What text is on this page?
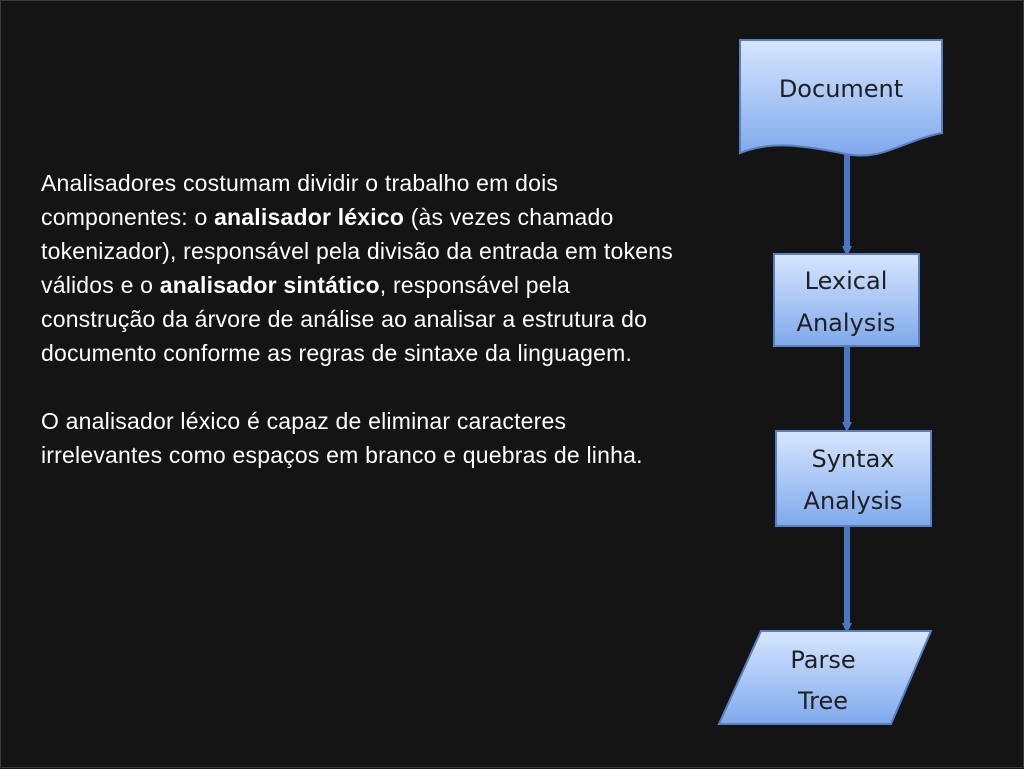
Analisadores costumam dividir o trabalho em dois componentes: o analisador léxico (às vezes chamado tokenizador), responsável pela divisão da entrada em tokens válidos e o analisador sintático, responsável pela construção da árvore de análise ao analisar a estrutura do documento conforme as regras de sintaxe da linguagem.

O analisador léxico é capaz de eliminar caracteres irrelevantes como espaços em branco e quebras de linha.

Document
Lexical
Analysis
Syntax
Analysis
Parse
Tree
